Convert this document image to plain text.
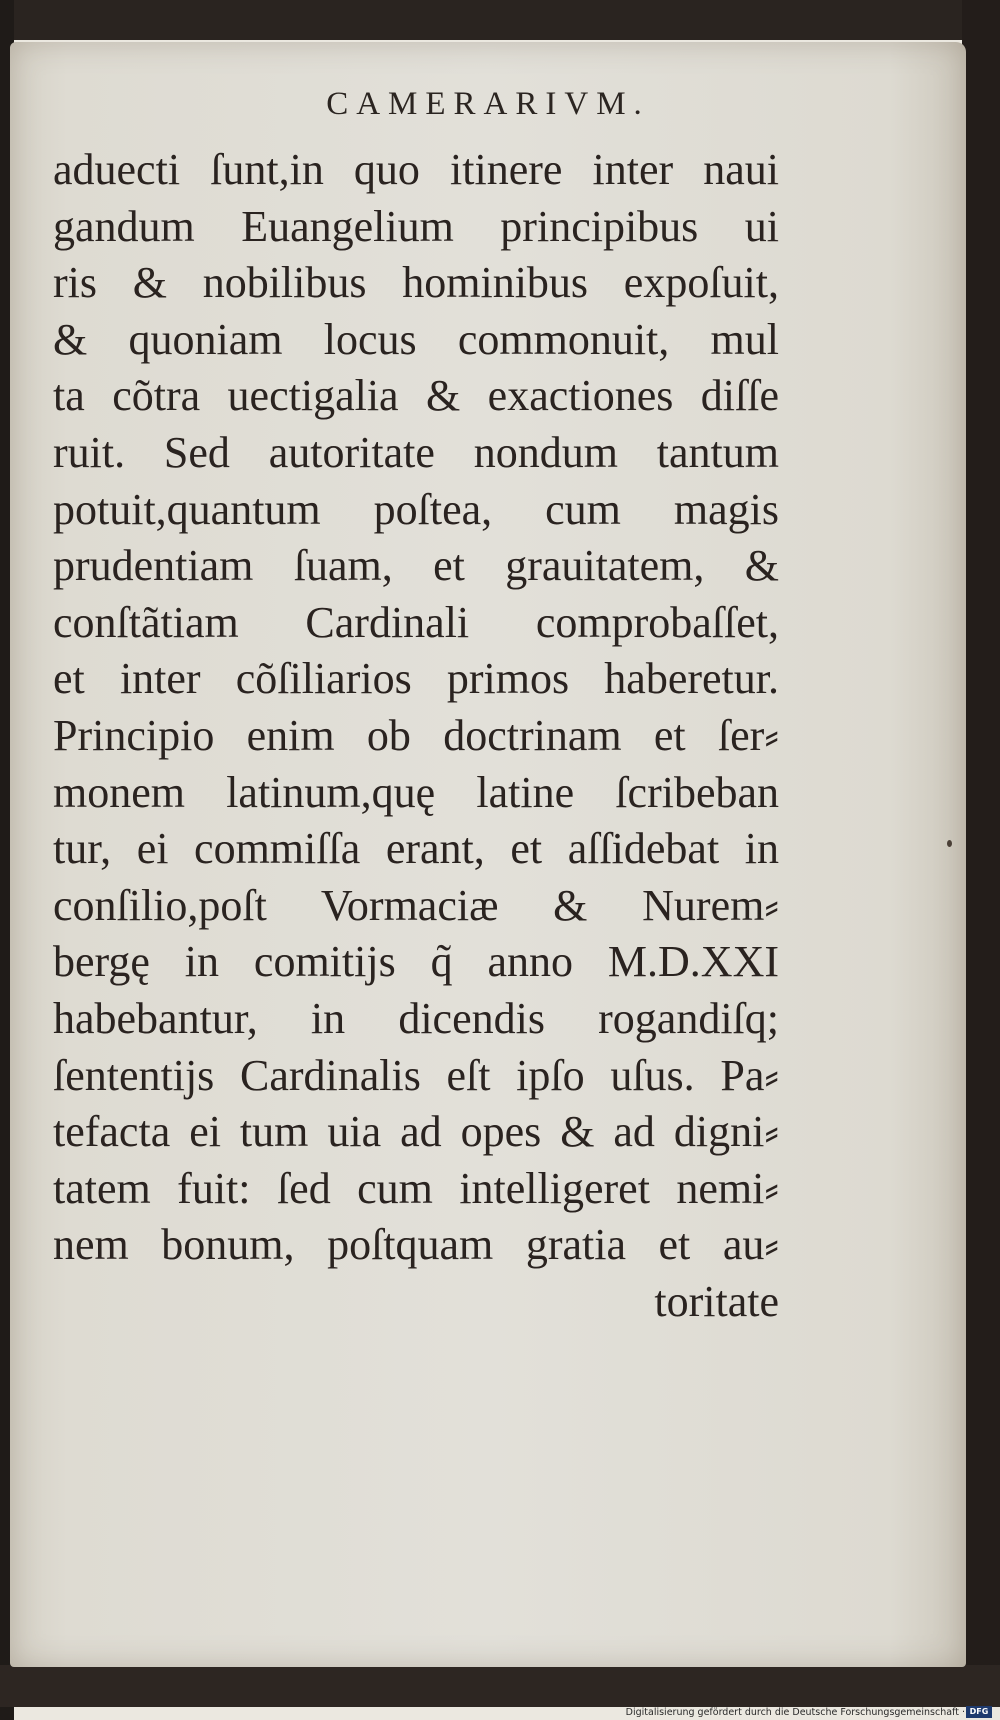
CAMERARIVM.
aduecti ſunt,in quo itinere inter naui
gandum Euangelium principibus ui
ris & nobilibus hominibus expoſuit,
& quoniam locus commonuit, mul
ta cõtra uectigalia & exactiones diſſe
ruit. Sed autoritate nondum tantum
potuit,quantum poſtea, cum magis
prudentiam ſuam, et grauitatem, &
conſtãtiam Cardinali comprobaſſet,
et inter cõſiliarios primos haberetur.
Principio enim ob doctrinam et ſer⸗
monem latinum,quę latine ſcribeban
tur, ei commiſſa erant, et aſſidebat in
conſilio,poſt Vormaciæ & Nurem⸗
bergę in comitijs q̃ anno M.D.XXI
habebantur, in dicendis rogandiſq;
ſententijs Cardinalis eſt ipſo uſus. Pa⸗
tefacta ei tum uia ad opes & ad digni⸗
tatem fuit: ſed cum intelligeret nemi⸗
nem bonum, poſtquam gratia et au⸗
toritate
Digitalisierung gefördert durch die Deutsche Forschungsgemeinschaft · DFG
